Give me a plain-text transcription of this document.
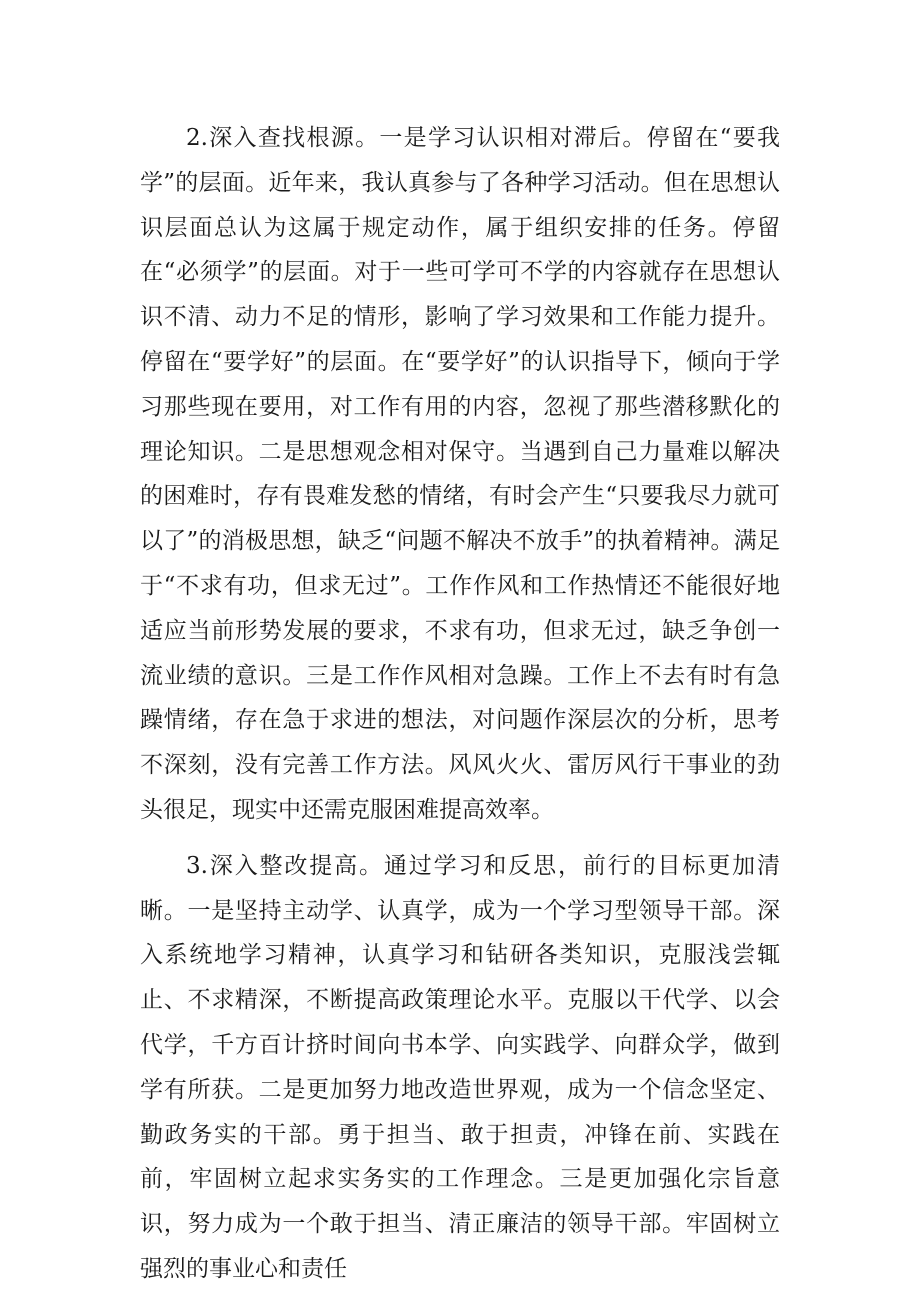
2.深入查找根源。一是学习认识相对滞后。停留在“要我学”的层面。近年来，我认真参与了各种学习活动。但在思想认识层面总认为这属于规定动作，属于组织安排的任务。停留在“必须学”的层面。对于一些可学可不学的内容就存在思想认识不清、动力不足的情形，影响了学习效果和工作能力提升。停留在“要学好”的层面。在“要学好”的认识指导下，倾向于学习那些现在要用，对工作有用的内容，忽视了那些潜移默化的理论知识。二是思想观念相对保守。当遇到自己力量难以解决的困难时，存有畏难发愁的情绪，有时会产生“只要我尽力就可以了”的消极思想，缺乏“问题不解决不放手”的执着精神。满足于“不求有功，但求无过”。工作作风和工作热情还不能很好地适应当前形势发展的要求，不求有功，但求无过，缺乏争创一流业绩的意识。三是工作作风相对急躁。工作上不去有时有急躁情绪，存在急于求进的想法，对问题作深层次的分析，思考不深刻，没有完善工作方法。风风火火、雷厉风行干事业的劲头很足，现实中还需克服困难提高效率。

3.深入整改提高。通过学习和反思，前行的目标更加清晰。一是坚持主动学、认真学，成为一个学习型领导干部。深入系统地学习精神，认真学习和钻研各类知识，克服浅尝辄止、不求精深，不断提高政策理论水平。克服以干代学、以会代学，千方百计挤时间向书本学、向实践学、向群众学，做到学有所获。二是更加努力地改造世界观，成为一个信念坚定、勤政务实的干部。勇于担当、敢于担责，冲锋在前、实践在前，牢固树立起求实务实的工作理念。三是更加强化宗旨意识，努力成为一个敢于担当、清正廉洁的领导干部。牢固树立强烈的事业心和责任
